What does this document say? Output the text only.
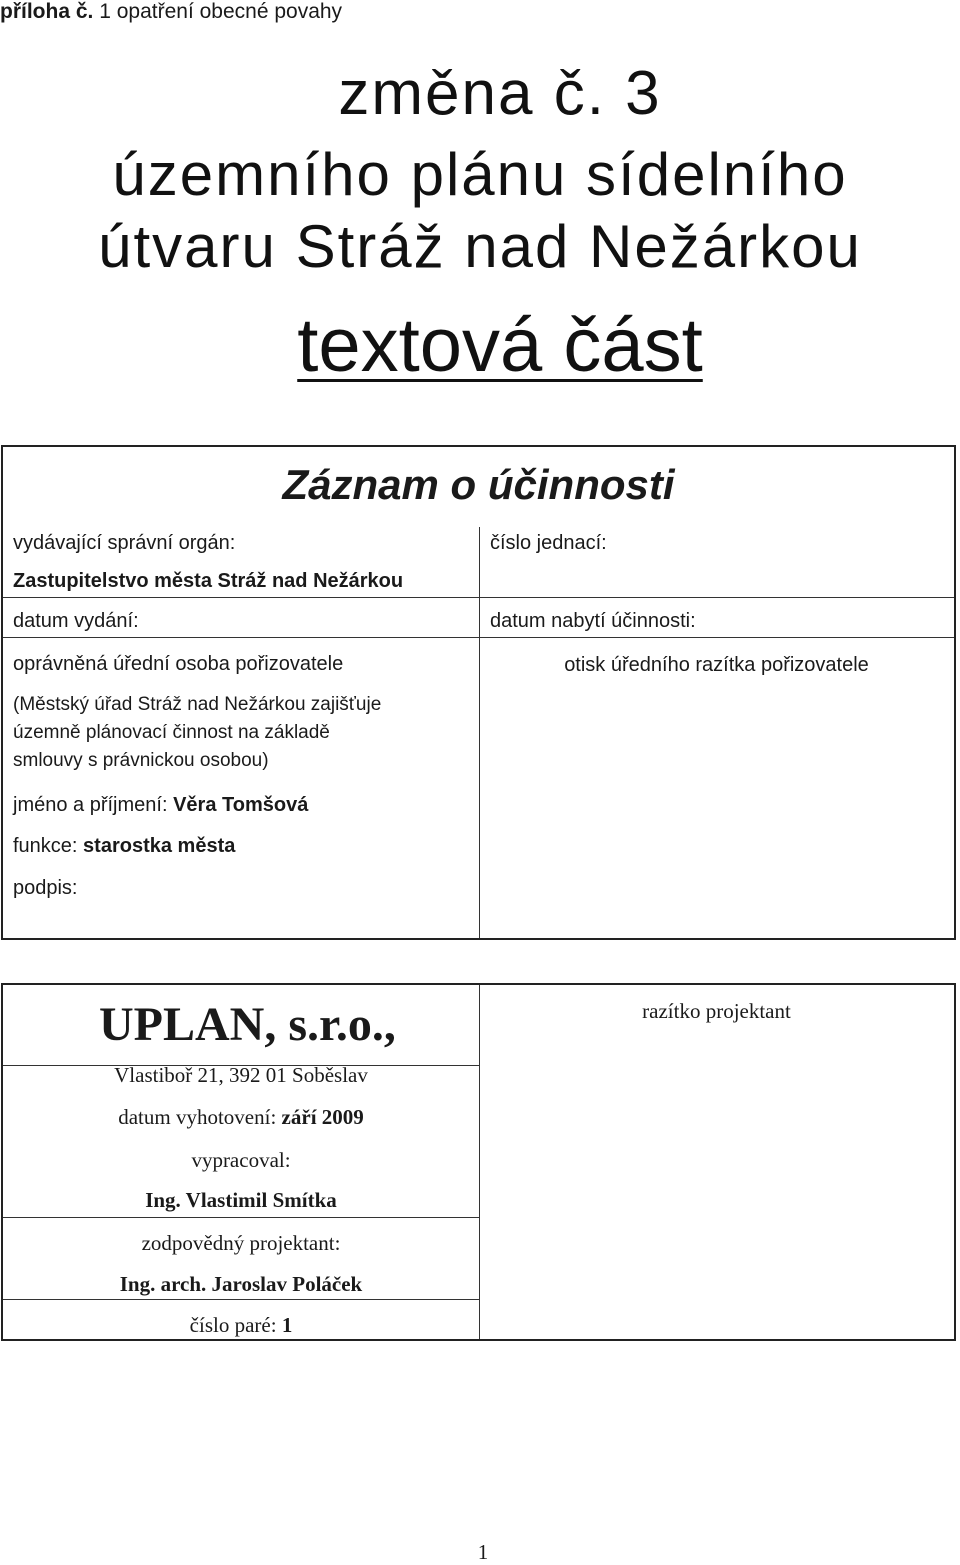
příloha č. 1 opatření obecné povahy
změna č. 3
územního plánu sídelního
útvaru Stráž nad Nežárkou
textová část
Záznam o účinnosti
vydávající správní orgán:
Zastupitelstvo města Stráž nad Nežárkou
datum vydání:
oprávněná úřední osoba pořizovatele
(Městský úřad Stráž nad Nežárkou zajišťuje
územně plánovací činnost na základě
smlouvy s právnickou osobou)
jméno a příjmení: Věra Tomšová
funkce: starostka města
podpis:
číslo jednací:
datum nabytí účinnosti:
otisk úředního razítka pořizovatele
UPLAN, s.r.o.,
Vlastiboř 21, 392 01 Soběslav
datum vyhotovení: září 2009
vypracoval:
Ing. Vlastimil Smítka
zodpovědný projektant:
Ing. arch. Jaroslav Poláček
číslo paré: 1
razítko projektant
1
